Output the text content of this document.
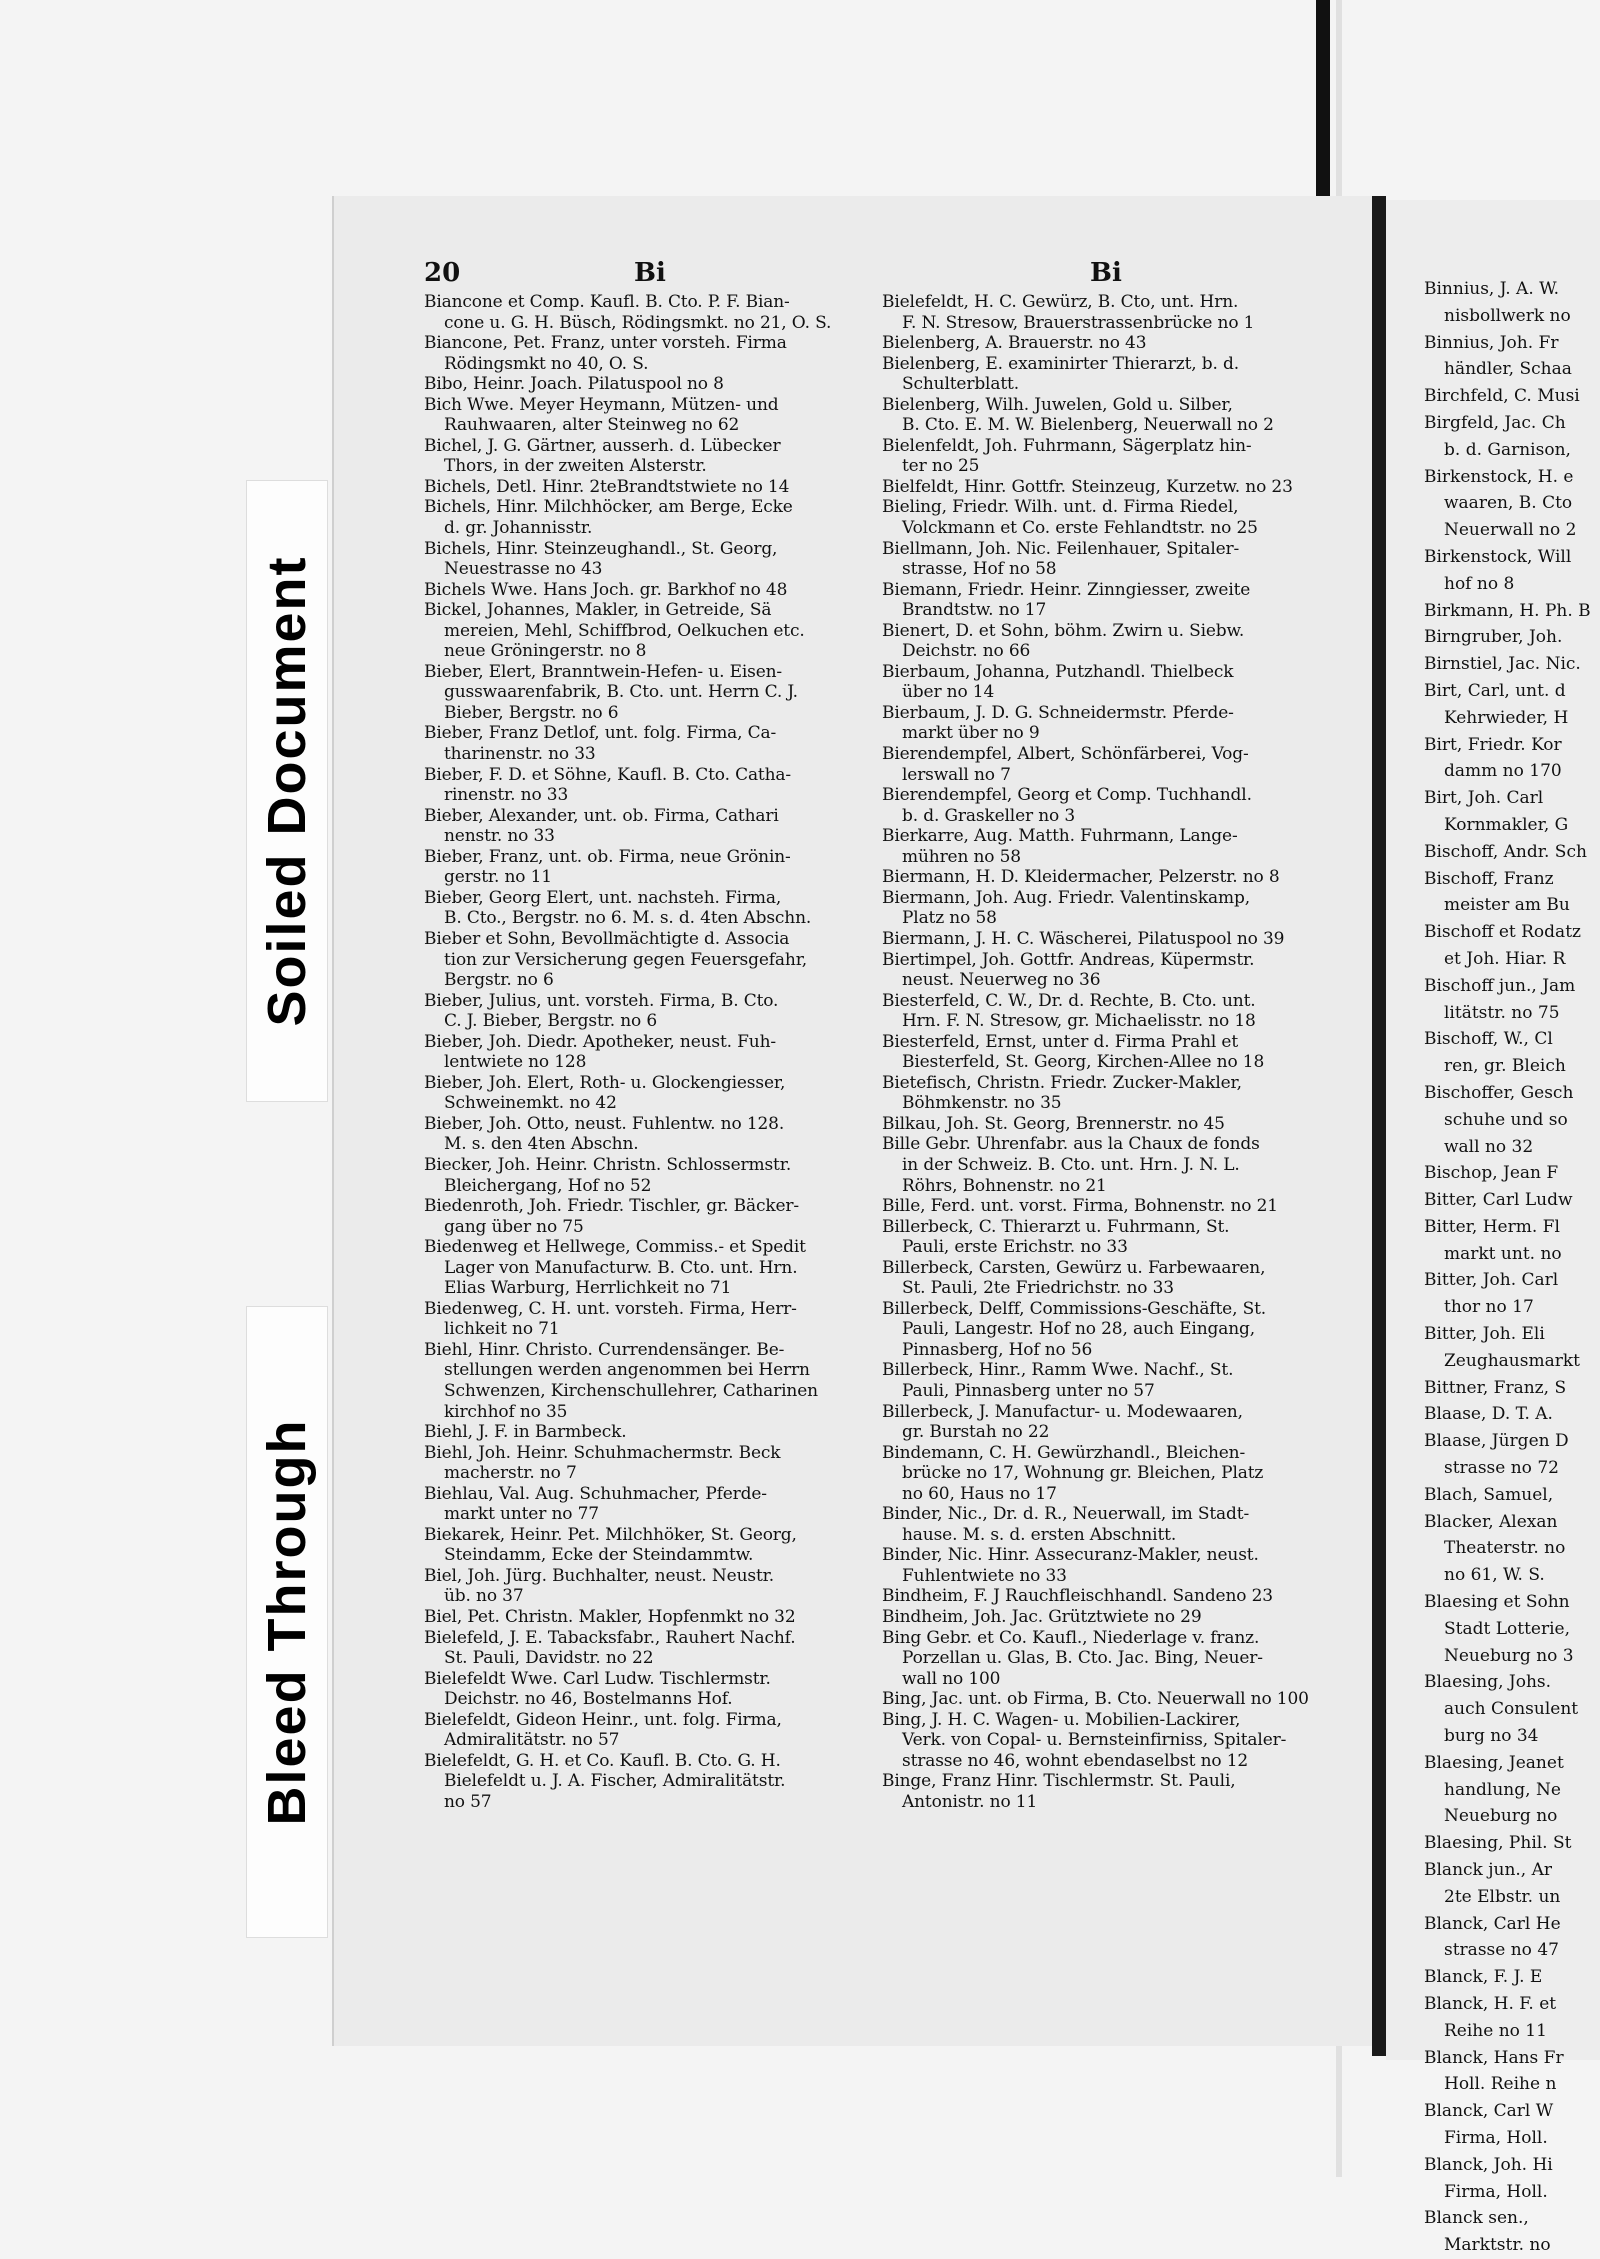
Soiled Document
Bleed Through
20	Bi	Bi
Biancone et Comp. Kaufl. B. Cto. P. F. Bian-
cone u. G. H. Büsch, Rödingsmkt. no 21, O. S.
Biancone, Pet. Franz, unter vorsteh. Firma
Rödingsmkt no 40, O. S.
Bibo, Heinr. Joach. Pilatuspool no 8
Bich Wwe. Meyer Heymann, Mützen- und
Rauhwaaren, alter Steinweg no 62
Bichel, J. G. Gärtner, ausserh. d. Lübecker
Thors, in der zweiten Alsterstr.
Bichels, Detl. Hinr. 2teBrandtstwiete no 14
Bichels, Hinr. Milchhöcker, am Berge, Ecke
d. gr. Johannisstr.
Bichels, Hinr. Steinzeughandl., St. Georg,
Neuestrasse no 43
Bichels Wwe. Hans Joch. gr. Barkhof no 48
Bickel, Johannes, Makler, in Getreide, Sä
mereien, Mehl, Schiffbrod, Oelkuchen etc.
neue Gröningerstr. no 8
Bieber, Elert, Branntwein-Hefen- u. Eisen-
gusswaarenfabrik, B. Cto. unt. Herrn C. J.
Bieber, Bergstr. no 6
Bieber, Franz Detlof, unt. folg. Firma, Ca-
tharinenstr. no 33
Bieber, F. D. et Söhne, Kaufl. B. Cto. Catha-
rinenstr. no 33
Bieber, Alexander, unt. ob. Firma, Cathari
nenstr. no 33
Bieber, Franz, unt. ob. Firma, neue Grönin-
gerstr. no 11
Bieber, Georg Elert, unt. nachsteh. Firma,
B. Cto., Bergstr. no 6. M. s. d. 4ten Abschn.
Bieber et Sohn, Bevollmächtigte d. Associa
tion zur Versicherung gegen Feuersgefahr,
Bergstr. no 6
Bieber, Julius, unt. vorsteh. Firma, B. Cto.
C. J. Bieber, Bergstr. no 6
Bieber, Joh. Diedr. Apotheker, neust. Fuh-
lentwiete no 128
Bieber, Joh. Elert, Roth- u. Glockengiesser,
Schweinemkt. no 42
Bieber, Joh. Otto, neust. Fuhlentw. no 128.
M. s. den 4ten Abschn.
Biecker, Joh. Heinr. Christn. Schlossermstr.
Bleichergang, Hof no 52
Biedenroth, Joh. Friedr. Tischler, gr. Bäcker-
gang über no 75
Biedenweg et Hellwege, Commiss.- et Spedit
Lager von Manufacturw. B. Cto. unt. Hrn.
Elias Warburg, Herrlichkeit no 71
Biedenweg, C. H. unt. vorsteh. Firma, Herr-
lichkeit no 71
Biehl, Hinr. Christo. Currendensänger. Be-
stellungen werden angenommen bei Herrn
Schwenzen, Kirchenschullehrer, Catharinen
kirchhof no 35
Biehl, J. F. in Barmbeck.
Biehl, Joh. Heinr. Schuhmachermstr. Beck
macherstr. no 7
Biehlau, Val. Aug. Schuhmacher, Pferde-
markt unter no 77
Biekarek, Heinr. Pet. Milchhöker, St. Georg,
Steindamm, Ecke der Steindammtw.
Biel, Joh. Jürg. Buchhalter, neust. Neustr.
üb. no 37
Biel, Pet. Christn. Makler, Hopfenmkt no 32
Bielefeld, J. E. Tabacksfabr., Rauhert Nachf.
St. Pauli, Davidstr. no 22
Bielefeldt Wwe. Carl Ludw. Tischlermstr.
Deichstr. no 46, Bostelmanns Hof.
Bielefeldt, Gideon Heinr., unt. folg. Firma,
Admiralitätstr. no 57
Bielefeldt, G. H. et Co. Kaufl. B. Cto. G. H.
Bielefeldt u. J. A. Fischer, Admiralitätstr.
no 57
Bielefeldt, H. C. Gewürz, B. Cto, unt. Hrn.
F. N. Stresow, Brauerstrassenbrücke no 1
Bielenberg, A. Brauerstr. no 43
Bielenberg, E. examinirter Thierarzt, b. d.
Schulterblatt.
Bielenberg, Wilh. Juwelen, Gold u. Silber,
B. Cto. E. M. W. Bielenberg, Neuerwall no 2
Bielenfeldt, Joh. Fuhrmann, Sägerplatz hin-
ter no 25
Bielfeldt, Hinr. Gottfr. Steinzeug, Kurzetw. no 23
Bieling, Friedr. Wilh. unt. d. Firma Riedel,
Volckmann et Co. erste Fehlandtstr. no 25
Biellmann, Joh. Nic. Feilenhauer, Spitaler-
strasse, Hof no 58
Biemann, Friedr. Heinr. Zinngiesser, zweite
Brandtstw. no 17
Bienert, D. et Sohn, böhm. Zwirn u. Siebw.
Deichstr. no 66
Bierbaum, Johanna, Putzhandl. Thielbeck
über no 14
Bierbaum, J. D. G. Schneidermstr. Pferde-
markt über no 9
Bierendempfel, Albert, Schönfärberei, Vog-
lerswall no 7
Bierendempfel, Georg et Comp. Tuchhandl.
b. d. Graskeller no 3
Bierkarre, Aug. Matth. Fuhrmann, Lange-
mühren no 58
Biermann, H. D. Kleidermacher, Pelzerstr. no 8
Biermann, Joh. Aug. Friedr. Valentinskamp,
Platz no 58
Biermann, J. H. C. Wäscherei, Pilatuspool no 39
Biertimpel, Joh. Gottfr. Andreas, Küpermstr.
neust. Neuerweg no 36
Biesterfeld, C. W., Dr. d. Rechte, B. Cto. unt.
Hrn. F. N. Stresow, gr. Michaelisstr. no 18
Biesterfeld, Ernst, unter d. Firma Prahl et
Biesterfeld, St. Georg, Kirchen-Allee no 18
Bietefisch, Christn. Friedr. Zucker-Makler,
Böhmkenstr. no 35
Bilkau, Joh. St. Georg, Brennerstr. no 45
Bille Gebr. Uhrenfabr. aus la Chaux de fonds
in der Schweiz. B. Cto. unt. Hrn. J. N. L.
Röhrs, Bohnenstr. no 21
Bille, Ferd. unt. vorst. Firma, Bohnenstr. no 21
Billerbeck, C. Thierarzt u. Fuhrmann, St.
Pauli, erste Erichstr. no 33
Billerbeck, Carsten, Gewürz u. Farbewaaren,
St. Pauli, 2te Friedrichstr. no 33
Billerbeck, Delff, Commissions-Geschäfte, St.
Pauli, Langestr. Hof no 28, auch Eingang,
Pinnasberg, Hof no 56
Billerbeck, Hinr., Ramm Wwe. Nachf., St.
Pauli, Pinnasberg unter no 57
Billerbeck, J. Manufactur- u. Modewaaren,
gr. Burstah no 22
Bindemann, C. H. Gewürzhandl., Bleichen-
brücke no 17, Wohnung gr. Bleichen, Platz
no 60, Haus no 17
Binder, Nic., Dr. d. R., Neuerwall, im Stadt-
hause. M. s. d. ersten Abschnitt.
Binder, Nic. Hinr. Assecuranz-Makler, neust.
Fuhlentwiete no 33
Bindheim, F. J Rauchfleischhandl. Sandeno 23
Bindheim, Joh. Jac. Grütztwiete no 29
Bing Gebr. et Co. Kaufl., Niederlage v. franz.
Porzellan u. Glas, B. Cto. Jac. Bing, Neuer-
wall no 100
Bing, Jac. unt. ob Firma, B. Cto. Neuerwall no 100
Bing, J. H. C. Wagen- u. Mobilien-Lackirer,
Verk. von Copal- u. Bernsteinfirniss, Spitaler-
strasse no 46, wohnt ebendaselbst no 12
Binge, Franz Hinr. Tischlermstr. St. Pauli,
Antonistr. no 11
Binnius, J. A. W.
nisbollwerk no
Binnius, Joh. Fr
händler, Schaa
Birchfeld, C. Musi
Birgfeld, Jac. Ch
b. d. Garnison,
Birkenstock, H. e
waaren, B. Cto
Neuerwall no 2
Birkenstock, Will
hof no 8
Birkmann, H. Ph. B
Birngruber, Joh.
Birnstiel, Jac. Nic.
Birt, Carl, unt. d
Kehrwieder, H
Birt, Friedr. Kor
damm no 170
Birt, Joh. Carl
Kornmakler, G
Bischoff, Andr. Sch
Bischoff, Franz
meister am Bu
Bischoff et Rodatz
et Joh. Hiar. R
Bischoff jun., Jam
litätstr. no 75
Bischoff, W., Cl
ren, gr. Bleich
Bischoffer, Gesch
schuhe und so
wall no 32
Bischop, Jean F
Bitter, Carl Ludw
Bitter, Herm. Fl
markt unt. no
Bitter, Joh. Carl
thor no 17
Bitter, Joh. Eli
Zeughausmarkt
Bittner, Franz, S
Blaase, D. T. A.
Blaase, Jürgen D
strasse no 72
Blach, Samuel,
Blacker, Alexan
Theaterstr. no
no 61, W. S.
Blaesing et Sohn
Stadt Lotterie,
Neueburg no 3
Blaesing, Johs.
auch Consulent
burg no 34
Blaesing, Jeanet
handlung, Ne
Neueburg no
Blaesing, Phil. St
Blanck jun., Ar
2te Elbstr. un
Blanck, Carl He
strasse no 47
Blanck, F. J. E
Blanck, H. F. et
Reihe no 11
Blanck, Hans Fr
Holl. Reihe n
Blanck, Carl W
Firma, Holl.
Blanck, Joh. Hi
Firma, Holl.
Blanck sen.,
Marktstr. no
